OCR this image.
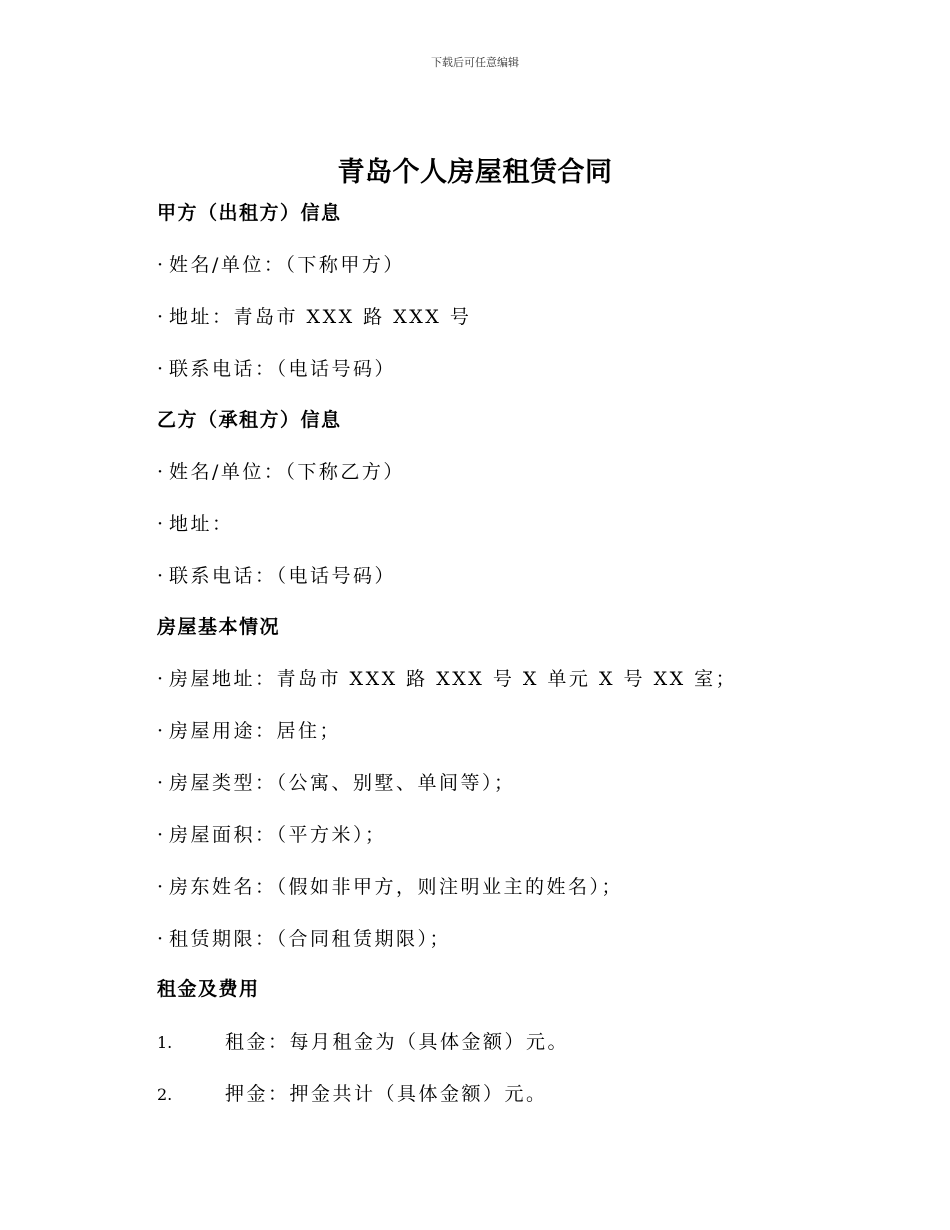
下载后可任意编辑
青岛个人房屋租赁合同
甲方（出租方）信息
· 姓名/单位：（下称甲方）
· 地址：青岛市 XXX 路 XXX 号
· 联系电话：（电话号码）
乙方（承租方）信息
· 姓名/单位：（下称乙方）
· 地址：
· 联系电话：（电话号码）
房屋基本情况
· 房屋地址：青岛市 XXX 路 XXX 号 X 单元 X 号 XX 室；
· 房屋用途：居住；
· 房屋类型：（公寓、别墅、单间等）；
· 房屋面积：（平方米）；
· 房东姓名：（假如非甲方，则注明业主的姓名）；
· 租赁期限：（合同租赁期限）；
租金及费用
1.	租金：每月租金为（具体金额）元。
2.	押金：押金共计（具体金额）元。
